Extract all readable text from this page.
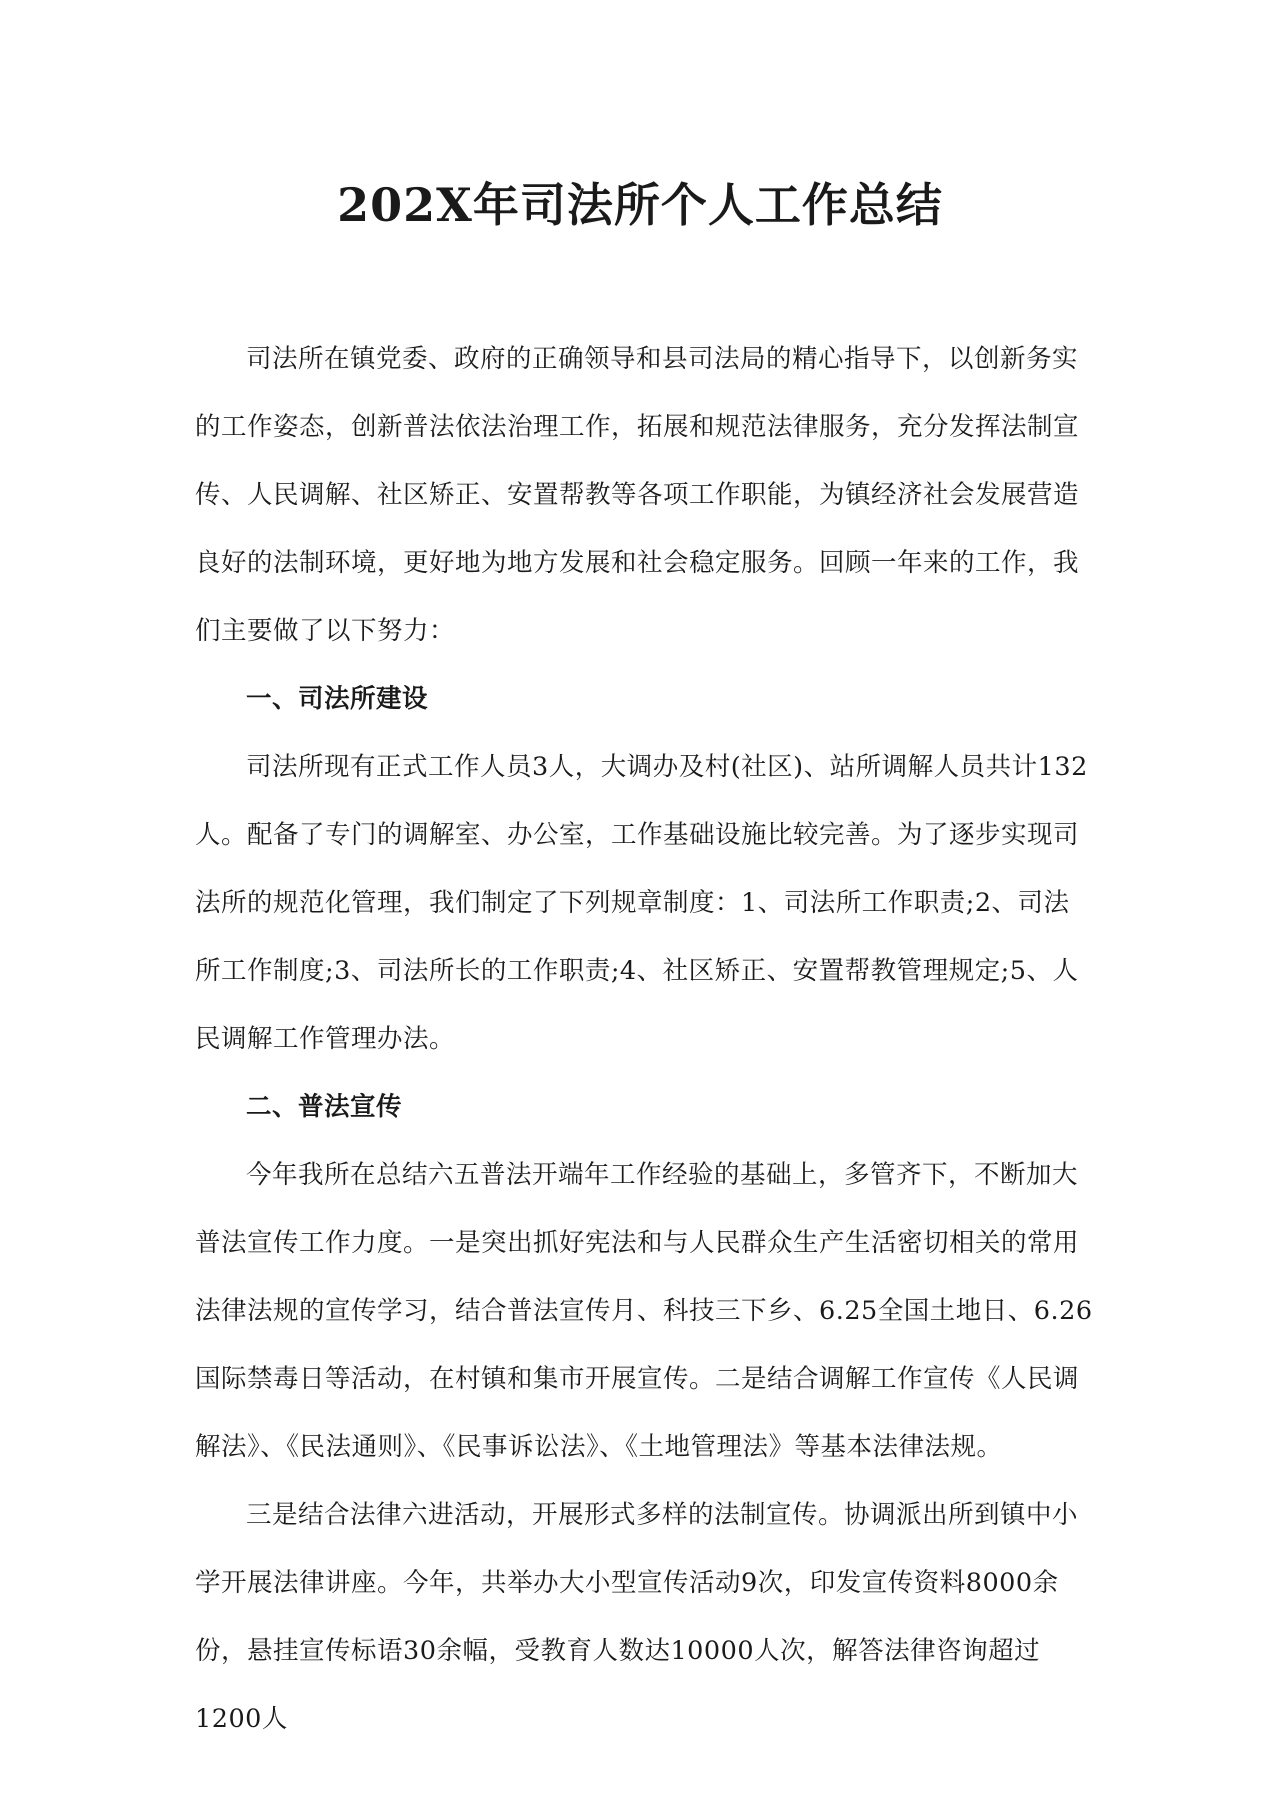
202X年司法所个人工作总结

司法所在镇党委、政府的正确领导和县司法局的精心指导下，以创新务实的工作姿态，创新普法依法治理工作，拓展和规范法律服务，充分发挥法制宣传、人民调解、社区矫正、安置帮教等各项工作职能，为镇经济社会发展营造良好的法制环境，更好地为地方发展和社会稳定服务。回顾一年来的工作，我们主要做了以下努力：

一、司法所建设

司法所现有正式工作人员3人，大调办及村(社区)、站所调解人员共计132人。配备了专门的调解室、办公室，工作基础设施比较完善。为了逐步实现司法所的规范化管理，我们制定了下列规章制度：1、司法所工作职责;2、司法所工作制度;3、司法所长的工作职责;4、社区矫正、安置帮教管理规定;5、人民调解工作管理办法。

二、普法宣传

今年我所在总结六五普法开端年工作经验的基础上，多管齐下，不断加大普法宣传工作力度。一是突出抓好宪法和与人民群众生产生活密切相关的常用法律法规的宣传学习，结合普法宣传月、科技三下乡、6.25全国土地日、6.26国际禁毒日等活动，在村镇和集市开展宣传。二是结合调解工作宣传《人民调解法》、《民法通则》、《民事诉讼法》、《土地管理法》等基本法律法规。

三是结合法律六进活动，开展形式多样的法制宣传。协调派出所到镇中小学开展法律讲座。今年，共举办大小型宣传活动9次，印发宣传资料8000余份，悬挂宣传标语30余幅，受教育人数达10000人次，解答法律咨询超过1200人
